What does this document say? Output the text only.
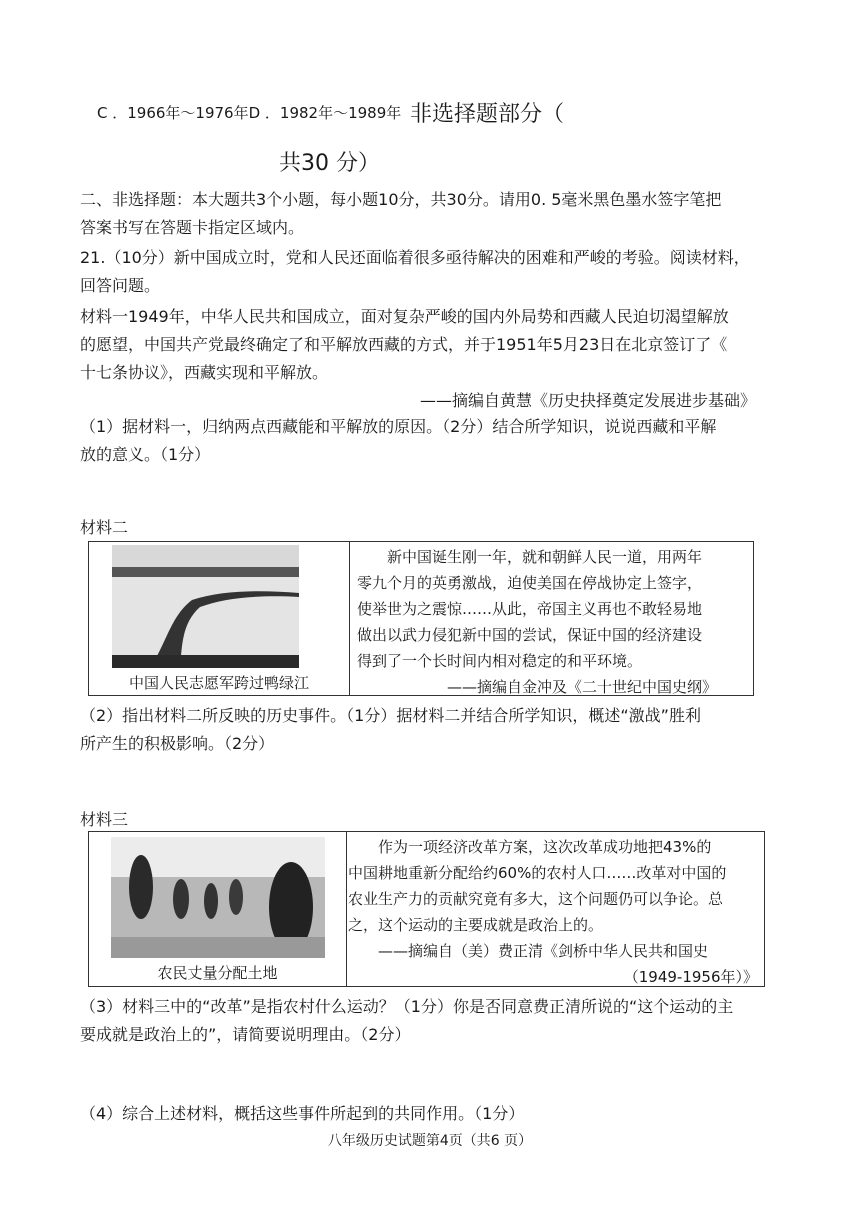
C ．1966年～1976年D ．1982年～1989年 非选择题部分（
共30 分）
二、非选择题：本大题共3个小题，每小题10分，共30分。请用0. 5毫米黑色墨水签字笔把
答案书写在答题卡指定区域内。
21.（10分）新中国成立时，党和人民还面临着很多亟待解决的困难和严峻的考验。阅读材料，
回答问题。
材料一1949年，中华人民共和国成立，面对复杂严峻的国内外局势和西藏人民迫切渴望解放
的愿望，中国共产党最终确定了和平解放西藏的方式，并于1951年5月23日在北京签订了《
十七条协议》，西藏实现和平解放。
——摘编自黄慧《历史抉择奠定发展进步基础》
（1）据材料一，归纳两点西藏能和平解放的原因。（2分）结合所学知识，说说西藏和平解
放的意义。（1分）
材料二
中国人民志愿军跨过鸭绿江
新中国诞生刚一年，就和朝鲜人民一道，用两年
零九个月的英勇激战，迫使美国在停战协定上签字，
使举世为之震惊……从此，帝国主义再也不敢轻易地
做出以武力侵犯新中国的尝试，保证中国的经济建设
得到了一个长时间内相对稳定的和平环境。
——摘编自金冲及《二十世纪中国史纲》
（2）指出材料二所反映的历史事件。（1分）据材料二并结合所学知识，概述“激战”胜利
所产生的积极影响。（2分）
材料三
农民丈量分配土地
作为一项经济改革方案，这次改革成功地把43%的
中国耕地重新分配给约60%的农村人口……改革对中国的
农业生产力的贡献究竟有多大，这个问题仍可以争论。总
之，这个运动的主要成就是政治上的。
——摘编自（美）费正清《剑桥中华人民共和国史
（1949-1956年）》
（3）材料三中的“改革”是指农村什么运动？（1分）你是否同意费正清所说的“这个运动的主
要成就是政治上的”，请简要说明理由。（2分）
（4）综合上述材料，概括这些事件所起到的共同作用。（1分）
八年级历史试题第4页（共6 页）
